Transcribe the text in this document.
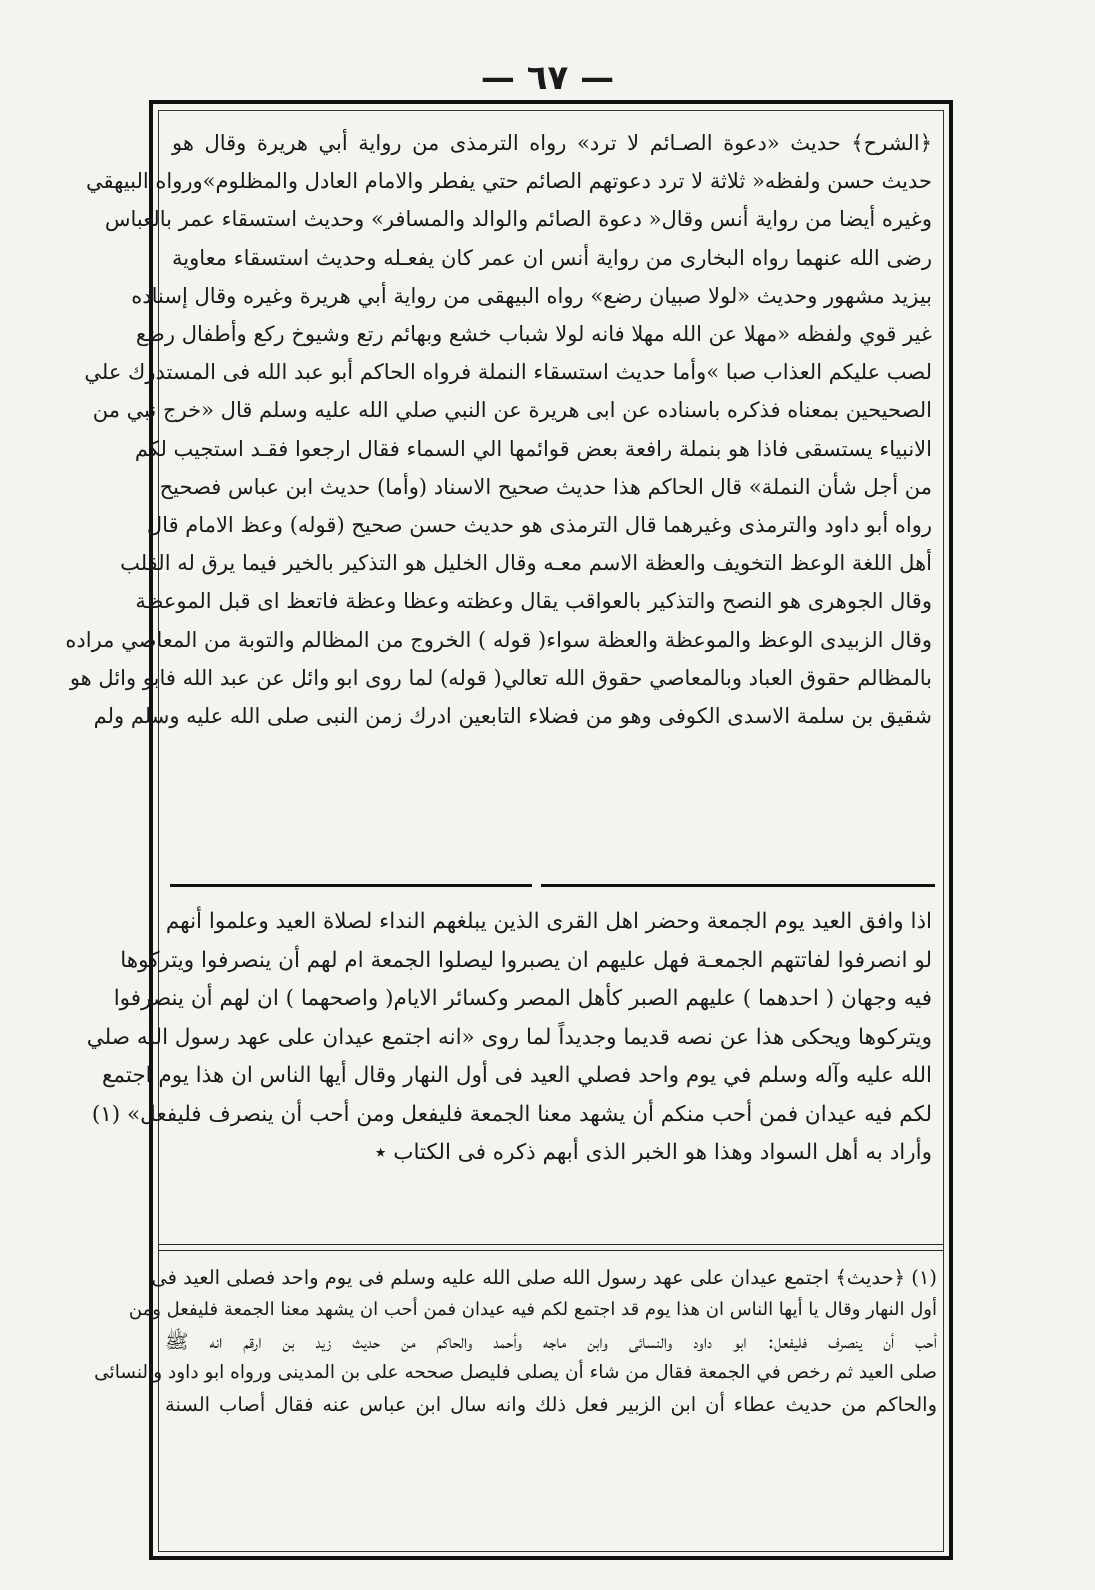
— ٦٧ —
﴿الشرح﴾ حديث «دعوة الصـائم لا ترد» رواه الترمذى من رواية أبي هريرة وقال هو
حديث حسن ولفظه« ثلاثة لا ترد دعوتهم الصائم حتي يفطر والامام العادل والمظلوم»ورواه البيهقي
وغيره أيضا من رواية أنس وقال« دعوة الصائم والوالد والمسافر» وحديث استسقاء عمر بالعباس
رضى الله عنهما رواه البخارى من رواية أنس ان عمر كان يفعـله وحديث استسقاء معاوية
بيزيد مشهور وحديث «لولا صبيان رضع» رواه البيهقى من رواية أبي هريرة وغيره وقال إسناده
غير قوي ولفظه «مهلا عن الله مهلا فانه لولا شباب خشع وبهائم رتع وشيوخ ركع وأطفال رضع
لصب عليكم العذاب صبا »وأما حديث استسقاء النملة فرواه الحاكم أبو عبد الله فى المستدرك علي
الصحيحين بمعناه فذكره باسناده عن ابى هريرة عن النبي صلي الله عليه وسلم قال «خرج نبي من
الانبياء يستسقى فاذا هو بنملة رافعة بعض قوائمها الي السماء فقال ارجعوا فقـد استجيب لكم
من أجل شأن النملة» قال الحاكم هذا حديث صحيح الاسناد (وأما) حديث ابن عباس فصحيح
رواه أبو داود والترمذى وغيرهما قال الترمذى هو حديث حسن صحيح (قوله) وعظ الامام قال
أهل اللغة الوعظ التخويف والعظة الاسم معـه وقال الخليل هو التذكير بالخير فيما يرق له القلب
وقال الجوهرى هو النصح والتذكير بالعواقب يقال وعظته وعظا وعظة فاتعظ اى قبل الموعظة
وقال الزبيدى الوعظ والموعظة والعظة سواء( قوله ) الخروج من المظالم والتوبة من المعاصي مراده
بالمظالم حقوق العباد وبالمعاصي حقوق الله تعالي( قوله) لما روى ابو وائل عن عبد الله فابو وائل هو
شقيق بن سلمة الاسدى الكوفى وهو من فضلاء التابعين ادرك زمن النبى صلى الله عليه وسلم ولم
اذا وافق العيد يوم الجمعة وحضر اهل القرى الذين يبلغهم النداء لصلاة العيد وعلموا أنهم
لو انصرفوا لفاتتهم الجمعـة فهل عليهم ان يصبروا ليصلوا الجمعة ام لهم أن ينصرفوا ويتركوها
فيه وجهان ( احدهما ) عليهم الصبر كأهل المصر وكسائر الايام( واصحهما ) ان لهم أن ينصرفوا
ويتركوها ويحكى هذا عن نصه قديما وجديداً لما روى «انه اجتمع عيدان على عهد رسول الله صلي
الله عليه وآله وسلم في يوم واحد فصلي العيد فى أول النهار وقال أيها الناس ان هذا يوم اجتمع
لكم فيه عيدان فمن أحب منكم أن يشهد معنا الجمعة فليفعل ومن أحب أن ينصرف فليفعل» (١)
وأراد به أهل السواد وهذا هو الخبر الذى أبهم ذكره فى الكتاب ٭
(١) ﴿حديث﴾ اجتمع عيدان على عهد رسول الله صلى الله عليه وسلم فى يوم واحد فصلى العيد فى
أول النهار وقال يا أيها الناس ان هذا يوم قد اجتمع لكم فيه عيدان فمن أحب ان يشهد معنا الجمعة فليفعل ومن
أحب أن ينصرف فليفعل: ابو داود والنسائى وابن ماجه وأحمد والحاكم من حديث زيد بن ارقم انه ﷺ
صلى العيد ثم رخص في الجمعة فقال من شاء أن يصلى فليصل صححه على بن المدينى ورواه ابو داود والنسائى
والحاكم من حديث عطاء أن ابن الزبير فعل ذلك وانه سال ابن عباس عنه فقال أصاب السنة
